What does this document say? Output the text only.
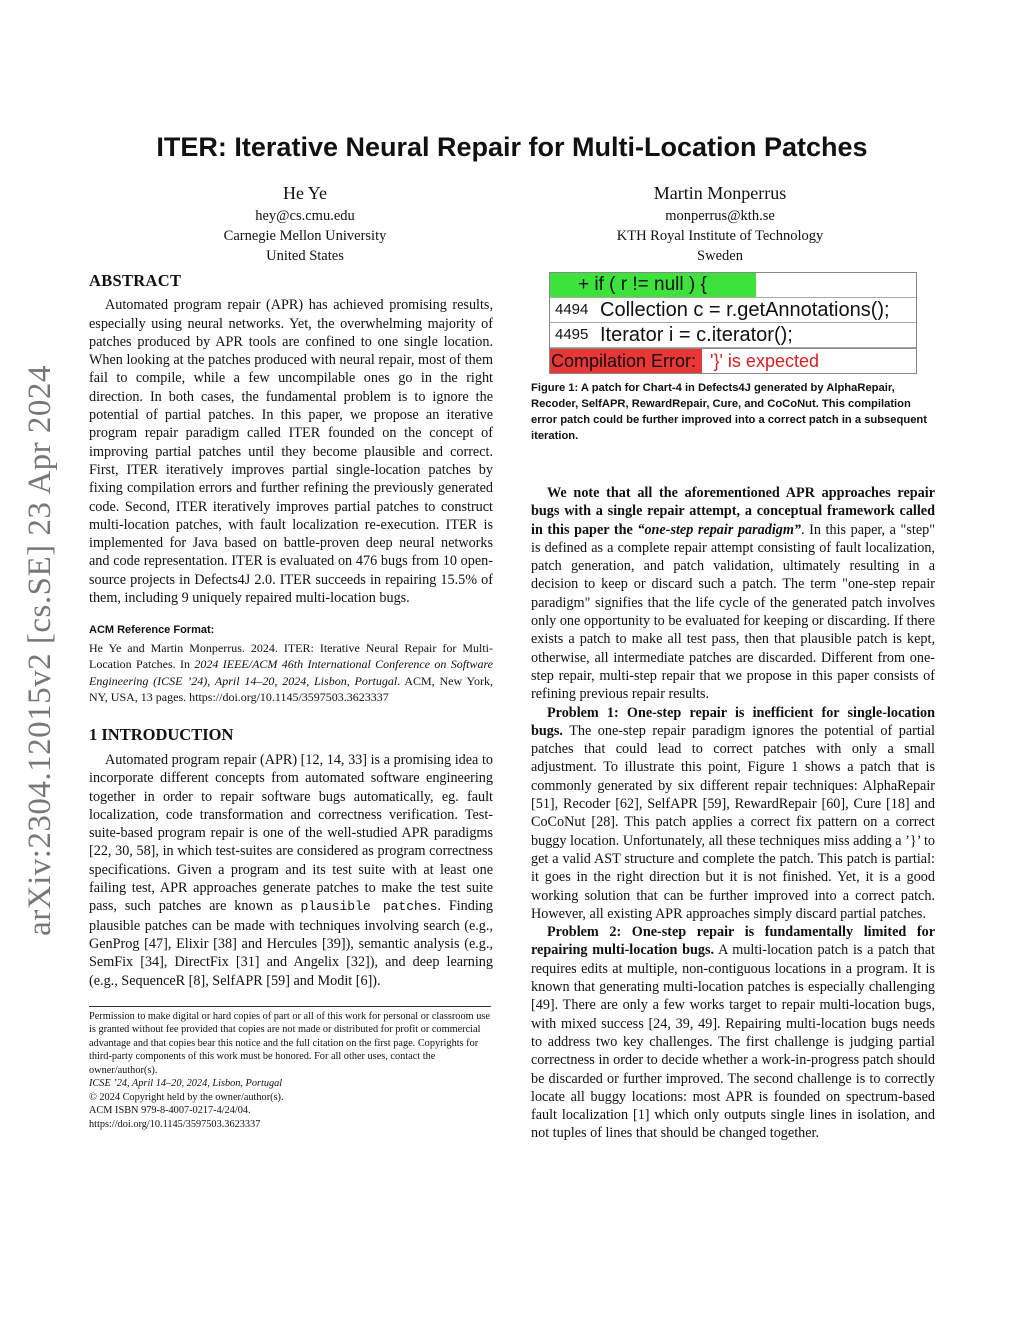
arXiv:2304.12015v2 [cs.SE] 23 Apr 2024
ITER: Iterative Neural Repair for Multi-Location Patches
He Ye
hey@cs.cmu.edu
Carnegie Mellon University
United States
Martin Monperrus
monperrus@kth.se
KTH Royal Institute of Technology
Sweden
ABSTRACT

Automated program repair (APR) has achieved promising results, especially using neural networks. Yet, the overwhelming majority of patches produced by APR tools are confined to one single location. When looking at the patches produced with neural repair, most of them fail to compile, while a few uncompilable ones go in the right direction. In both cases, the fundamental problem is to ignore the potential of partial patches. In this paper, we propose an iterative program repair paradigm called ITER founded on the concept of improving partial patches until they become plausible and correct. First, ITER iteratively improves partial single-location patches by fixing compilation errors and further refining the previously generated code. Second, ITER iteratively improves partial patches to construct multi-location patches, with fault localization re-execution. ITER is implemented for Java based on battle-proven deep neural networks and code representation. ITER is evaluated on 476 bugs from 10 open-source projects in Defects4J 2.0. ITER succeeds in repairing 15.5% of them, including 9 uniquely repaired multi-location bugs.

ACM Reference Format:

He Ye and Martin Monperrus. 2024. ITER: Iterative Neural Repair for Multi-Location Patches. In 2024 IEEE/ACM 46th International Conference on Software Engineering (ICSE ’24), April 14–20, 2024, Lisbon, Portugal. ACM, New York, NY, USA, 13 pages. https://doi.org/10.1145/3597503.3623337

1 INTRODUCTION

Automated program repair (APR) [12, 14, 33] is a promising idea to incorporate different concepts from automated software engineering together in order to repair software bugs automatically, eg. fault localization, code transformation and correctness verification. Test-suite-based program repair is one of the well-studied APR paradigms [22, 30, 58], in which test-suites are considered as program correctness specifications. Given a program and its test suite with at least one failing test, APR approaches generate patches to make the test suite pass, such patches are known as plausible patches. Finding plausible patches can be made with techniques involving search (e.g., GenProg [47], Elixir [38] and Hercules [39]), semantic analysis (e.g., SemFix [34], DirectFix [31] and Angelix [32]), and deep learning (e.g., SequenceR [8], SelfAPR [59] and Modit [6]).

Permission to make digital or hard copies of part or all of this work for personal or classroom use is granted without fee provided that copies are not made or distributed for profit or commercial advantage and that copies bear this notice and the full citation on the first page. Copyrights for third-party components of this work must be honored. For all other uses, contact the owner/author(s).
ICSE ’24, April 14–20, 2024, Lisbon, Portugal
© 2024 Copyright held by the owner/author(s).
ACM ISBN 979-8-4007-0217-4/24/04.
https://doi.org/10.1145/3597503.3623337
+ if ( r != null ) {
4494 Collection c = r.getAnnotations();
4495 Iterator i = c.iterator();
Compilation Error: '}' is expected
Figure 1: A patch for Chart-4 in Defects4J generated by AlphaRepair, Recoder, SelfAPR, RewardRepair, Cure, and CoCoNut. This compilation error patch could be further improved into a correct patch in a subsequent iteration.

We note that all the aforementioned APR approaches repair bugs with a single repair attempt, a conceptual framework called in this paper the “one-step repair paradigm”. In this paper, a "step" is defined as a complete repair attempt consisting of fault localization, patch generation, and patch validation, ultimately resulting in a decision to keep or discard such a patch. The term "one-step repair paradigm" signifies that the life cycle of the generated patch involves only one opportunity to be evaluated for keeping or discarding. If there exists a patch to make all test pass, then that plausible patch is kept, otherwise, all intermediate patches are discarded. Different from one-step repair, multi-step repair that we propose in this paper consists of refining previous repair results.

Problem 1: One-step repair is inefficient for single-location bugs. The one-step repair paradigm ignores the potential of partial patches that could lead to correct patches with only a small adjustment. To illustrate this point, Figure 1 shows a patch that is commonly generated by six different repair techniques: AlphaRepair [51], Recoder [62], SelfAPR [59], RewardRepair [60], Cure [18] and CoCoNut [28]. This patch applies a correct fix pattern on a correct buggy location. Unfortunately, all these techniques miss adding a ’}’ to get a valid AST structure and complete the patch. This patch is partial: it goes in the right direction but it is not finished. Yet, it is a good working solution that can be further improved into a correct patch. However, all existing APR approaches simply discard partial patches.

Problem 2: One-step repair is fundamentally limited for repairing multi-location bugs. A multi-location patch is a patch that requires edits at multiple, non-contiguous locations in a program. It is known that generating multi-location patches is especially challenging [49]. There are only a few works target to repair multi-location bugs, with mixed success [24, 39, 49]. Repairing multi-location bugs needs to address two key challenges. The first challenge is judging partial correctness in order to decide whether a work-in-progress patch should be discarded or further improved. The second challenge is to correctly locate all buggy locations: most APR is founded on spectrum-based fault localization [1] which only outputs single lines in isolation, and not tuples of lines that should be changed together.
